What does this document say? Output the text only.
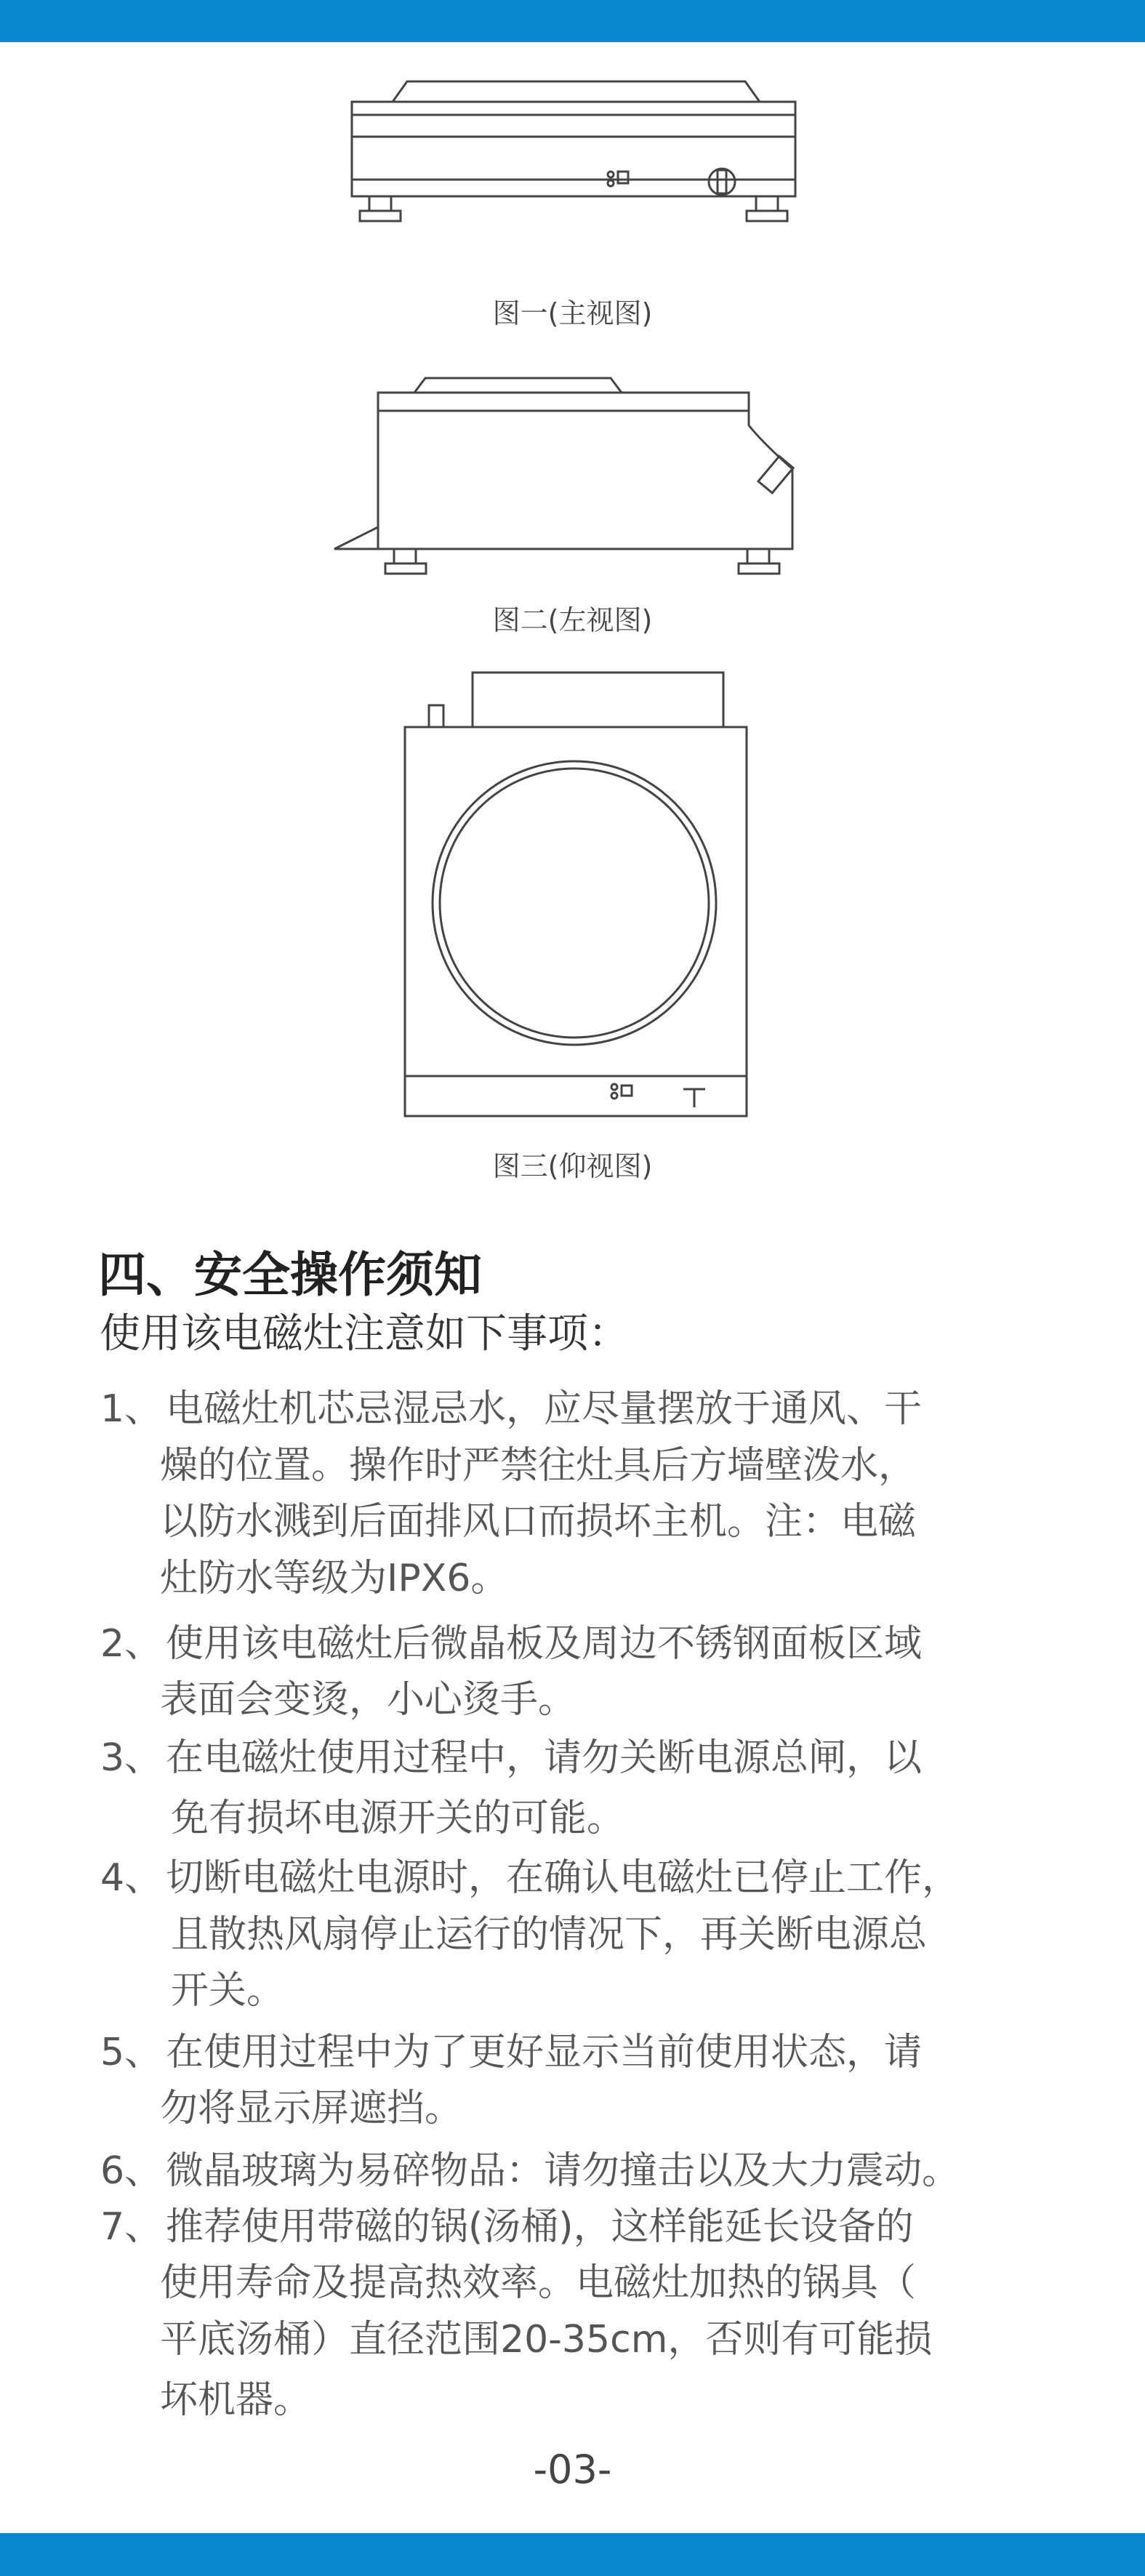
图一(主视图)
图二(左视图)
图三(仰视图)
四、安全操作须知
使用该电磁灶注意如下事项：
1、 电磁灶机芯忌湿忌水，应尽量摆放于通风、干
燥的位置。操作时严禁往灶具后方墙壁泼水，
以防水溅到后面排风口而损坏主机。注：电磁
灶防水等级为IPX6。
2、 使用该电磁灶后微晶板及周边不锈钢面板区域
表面会变烫，小心烫手。
3、 在电磁灶使用过程中，请勿关断电源总闸，以
免有损坏电源开关的可能。
4、 切断电磁灶电源时，在确认电磁灶已停止工作，
且散热风扇停止运行的情况下，再关断电源总
开关。
5、 在使用过程中为了更好显示当前使用状态，请
勿将显示屏遮挡。
6、 微晶玻璃为易碎物品：请勿撞击以及大力震动。
7、 推荐使用带磁的锅(汤桶)，这样能延长设备的
使用寿命及提高热效率。电磁灶加热的锅具（
平底汤桶）直径范围20-35cm，否则有可能损
坏机器。
-03-
